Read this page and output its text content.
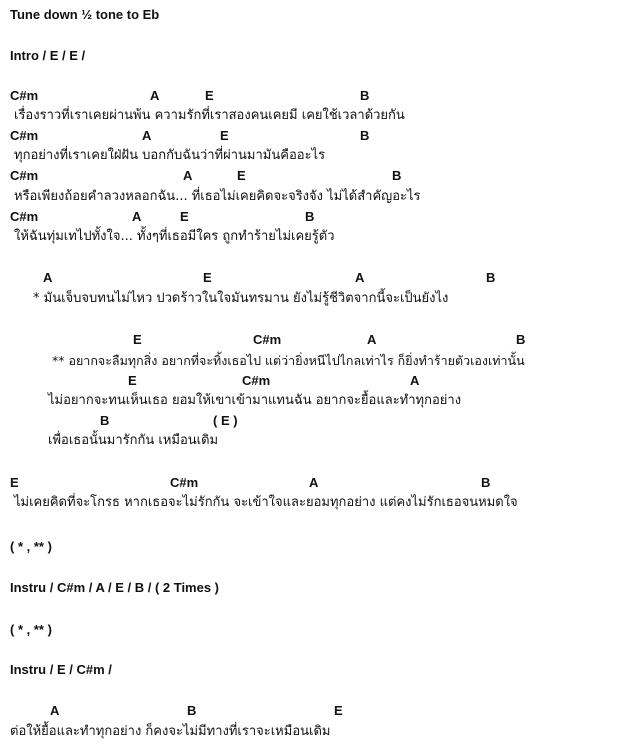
Tune down ½ tone to Eb
Intro / E / E /
C#m	A	E	B
เรื่องราวที่เราเคยผ่านพ้น ความรักที่เราสองคนเคยมี เคยใช้เวลาด้วยกัน
C#m	A	E	B
ทุกอย่างที่เราเคยใฝ่ฝัน บอกกับฉันว่าที่ผ่านมามันคืออะไร
C#m	A	E	B
หรือเพียงถ้อยคำลวงหลอกฉัน... ที่เธอไม่เคยคิดจะจริงจัง ไม่ได้สำคัญอะไร
C#m	A	E	B
ให้ฉันทุ่มเทไปทั้งใจ... ทั้งๆที่เธอมีใคร ถูกทำร้ายไม่เคยรู้ตัว
A	E	A	B
* มันเจ็บจบทนไม่ไหว ปวดร้าวในใจมันทรมาน ยังไม่รู้ชีวิตจากนี้จะเป็นยังไง
E	C#m	A	B
** อยากจะลืมทุกสิ่ง อยากที่จะทิ้งเธอไป แต่ว่ายิ่งหนีไปไกลเท่าไร ก็ยิ่งทำร้ายตัวเองเท่านั้น
E	C#m	A
ไม่อยากจะทนเห็นเธอ ยอมให้เขาเข้ามาแทนฉัน อยากจะยื้อและทำทุกอย่าง
B	( E )
เพื่อเธอนั้นมารักกัน เหมือนเดิม
E	C#m	A	B
ไม่เคยคิดที่จะโกรธ หากเธอจะไม่รักกัน จะเข้าใจและยอมทุกอย่าง แต่คงไม่รักเธอจนหมดใจ
( * , ** )
Instru / C#m / A / E / B / ( 2 Times )
( * , ** )
Instru / E / C#m /
A	B	E
ต่อให้ยื้อและทำทุกอย่าง ก็คงจะไม่มีทางที่เราจะเหมือนเดิม
